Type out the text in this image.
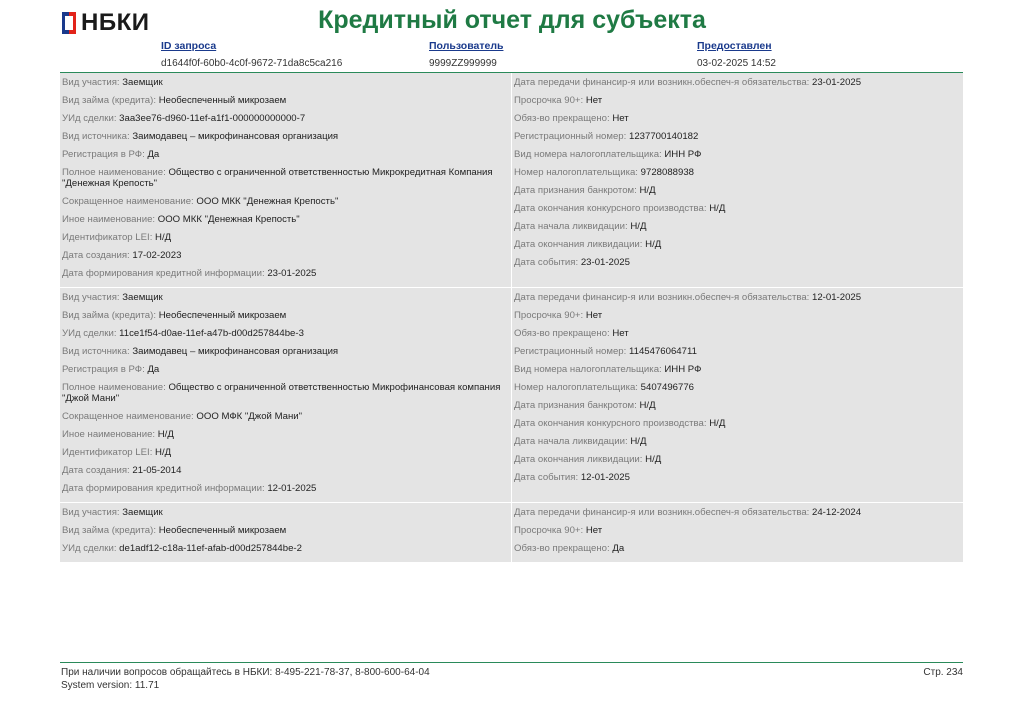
НБКИ	Кредитный отчет для субъекта
ID запроса
d1644f0f-60b0-4c0f-9672-71da8c5ca216
Пользователь
9999ZZ999999
Предоставлен
03-02-2025 14:52
Вид участия: Заемщик
Вид займа (кредита): Необеспеченный микрозаем
УИд сделки: 3aa3ee76-d960-11ef-a1f1-000000000000-7
Вид источника: Заимодавец – микрофинансовая организация
Регистрация в РФ: Да
Полное наименование: Общество с ограниченной ответственностью Микрокредитная Компания "Денежная Крепость"
Сокращенное наименование: ООО МКК "Денежная Крепость"
Иное наименование: ООО МКК "Денежная Крепость"
Идентификатор LEI: Н/Д
Дата создания: 17-02-2023
Дата формирования кредитной информации: 23-01-2025
Дата передачи финансир-я или возникн.обеспеч-я обязательства: 23-01-2025
Просрочка 90+: Нет
Обяз-во прекращено: Нет
Регистрационный номер: 1237700140182
Вид номера налогоплательщика: ИНН РФ
Номер налогоплательщика: 9728088938
Дата признания банкротом: Н/Д
Дата окончания конкурсного производства: Н/Д
Дата начала ликвидации: Н/Д
Дата окончания ликвидации: Н/Д
Дата события: 23-01-2025
Вид участия: Заемщик
Вид займа (кредита): Необеспеченный микрозаем
УИд сделки: 11ce1f54-d0ae-11ef-a47b-d00d257844be-3
Вид источника: Заимодавец – микрофинансовая организация
Регистрация в РФ: Да
Полное наименование: Общество с ограниченной ответственностью Микрофинансовая компания "Джой Мани"
Сокращенное наименование: ООО МФК "Джой Мани"
Иное наименование: Н/Д
Идентификатор LEI: Н/Д
Дата создания: 21-05-2014
Дата формирования кредитной информации: 12-01-2025
Дата передачи финансир-я или возникн.обеспеч-я обязательства: 12-01-2025
Просрочка 90+: Нет
Обяз-во прекращено: Нет
Регистрационный номер: 1145476064711
Вид номера налогоплательщика: ИНН РФ
Номер налогоплательщика: 5407496776
Дата признания банкротом: Н/Д
Дата окончания конкурсного производства: Н/Д
Дата начала ликвидации: Н/Д
Дата окончания ликвидации: Н/Д
Дата события: 12-01-2025
Вид участия: Заемщик
Вид займа (кредита): Необеспеченный микрозаем
УИд сделки: de1adf12-c18a-11ef-afab-d00d257844be-2
Дата передачи финансир-я или возникн.обеспеч-я обязательства: 24-12-2024
Просрочка 90+: Нет
Обяз-во прекращено: Да
При наличии вопросов обращайтесь в НБКИ: 8-495-221-78-37, 8-800-600-64-04
System version: 11.71
Стр. 234
